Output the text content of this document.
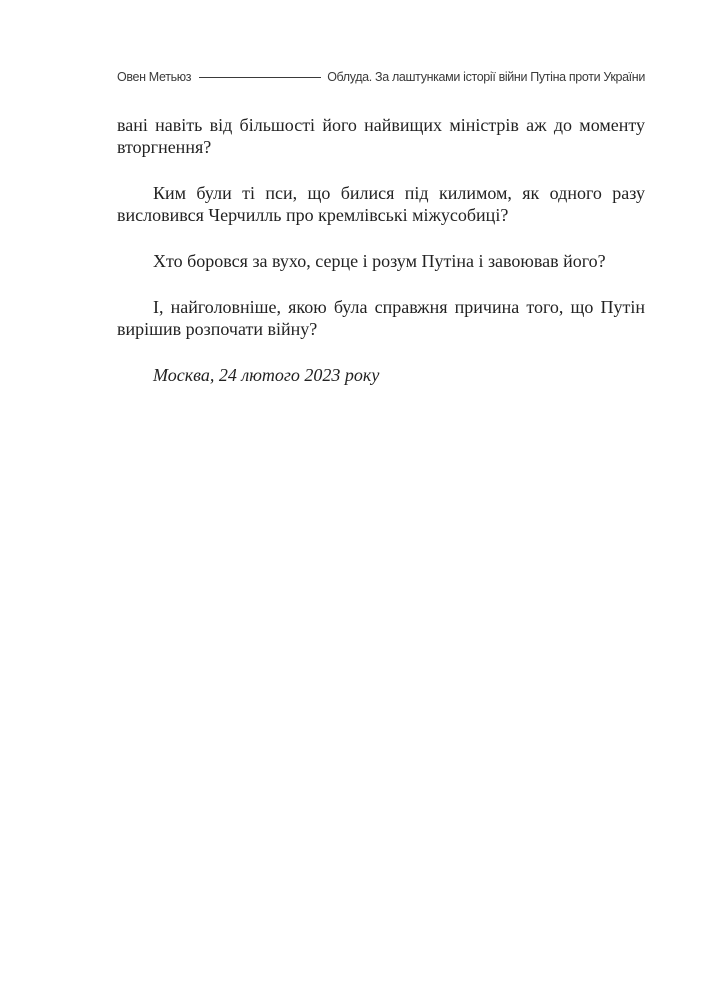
Овен Метьюз	Облуда. За лаштунками історії війни Путіна проти України

вані навіть від більшості його найвищих міністрів аж до моменту вторгнення?

Ким були ті пси, що билися під килимом, як одного разу висловився Черчилль про кремлівські міжусобиці?

Хто боровся за вухо, серце і розум Путіна і завоював його?

І, найголовніше, якою була справжня причина того, що Путін вирішив розпочати війну?

Москва, 24 лютого 2023 року
